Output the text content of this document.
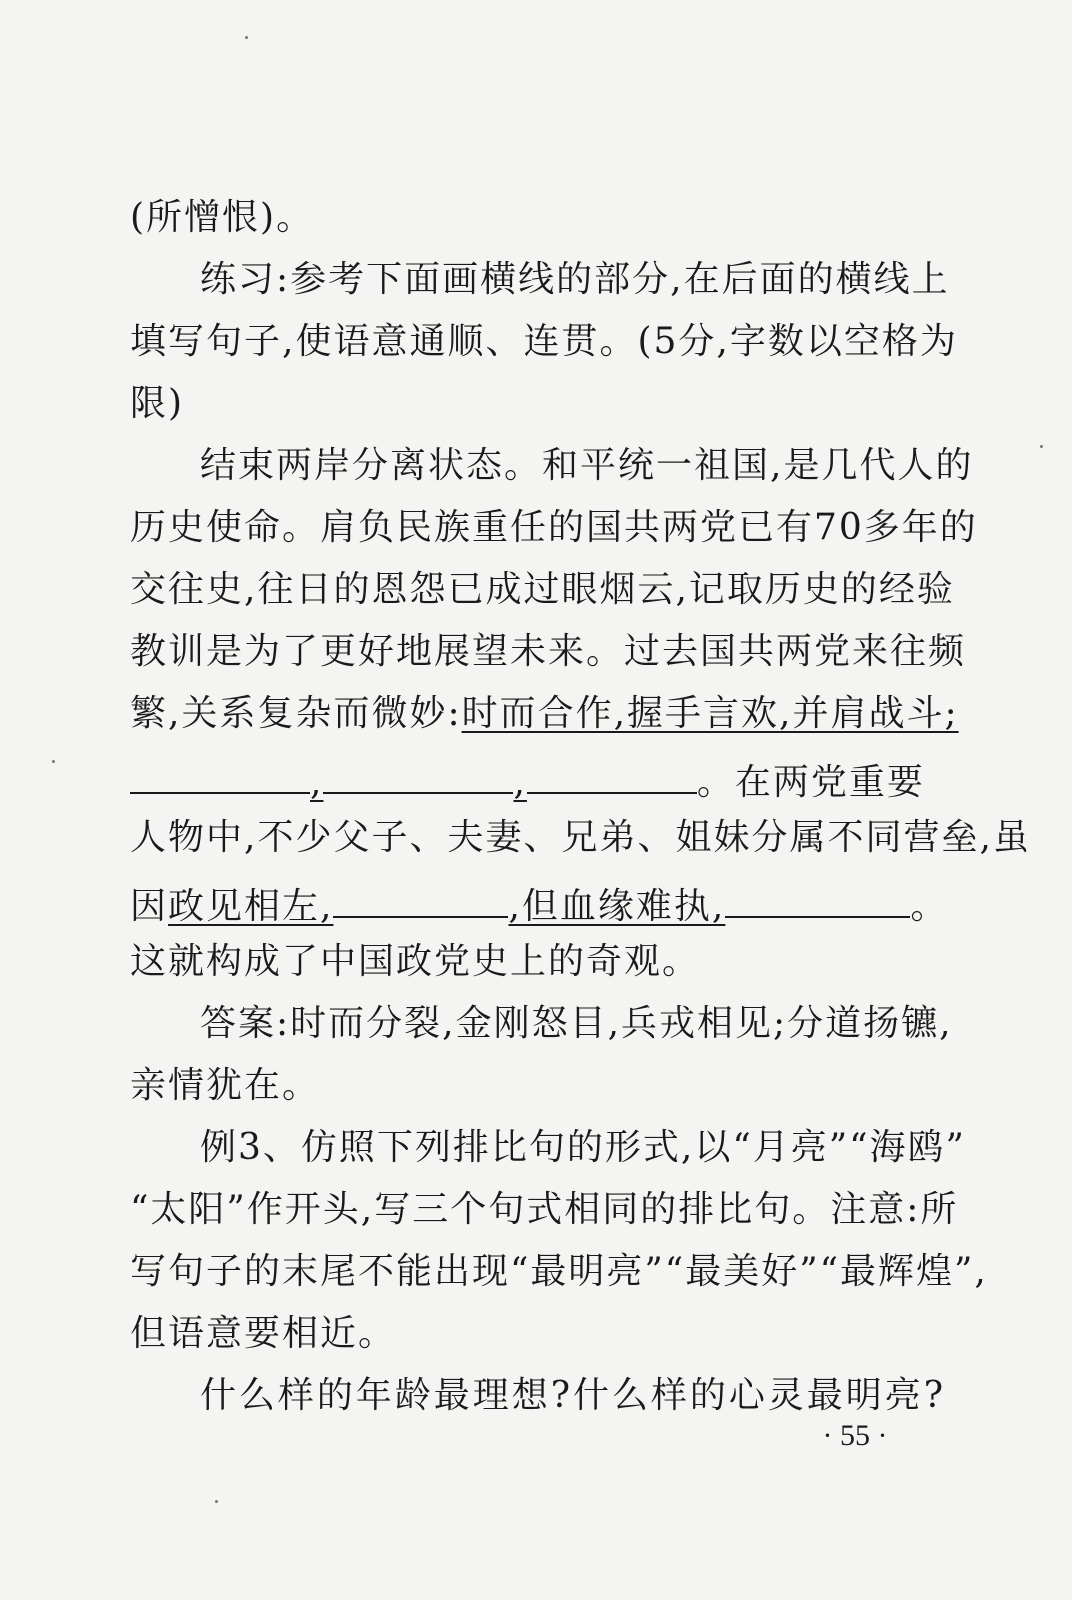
(所憎恨)。
练习:参考下面画横线的部分,在后面的横线上
填写句子,使语意通顺、连贯。(5分,字数以空格为
限)
结束两岸分离状态。和平统一祖国,是几代人的
历史使命。肩负民族重任的国共两党已有70多年的
交往史,往日的恩怨已成过眼烟云,记取历史的经验
教训是为了更好地展望未来。过去国共两党来往频
繁,关系复杂而微妙:时而合作,握手言欢,并肩战斗;
,	,	。在两党重要
人物中,不少父子、夫妻、兄弟、姐妹分属不同营垒,虽
因政见相左,	,但血缘难执,	。
这就构成了中国政党史上的奇观。
答案:时而分裂,金刚怒目,兵戎相见;分道扬镳,
亲情犹在。
例3、仿照下列排比句的形式,以“月亮”“海鸥”
“太阳”作开头,写三个句式相同的排比句。注意:所
写句子的末尾不能出现“最明亮”“最美好”“最辉煌”,
但语意要相近。
什么样的年龄最理想?什么样的心灵最明亮?
· 55 ·
